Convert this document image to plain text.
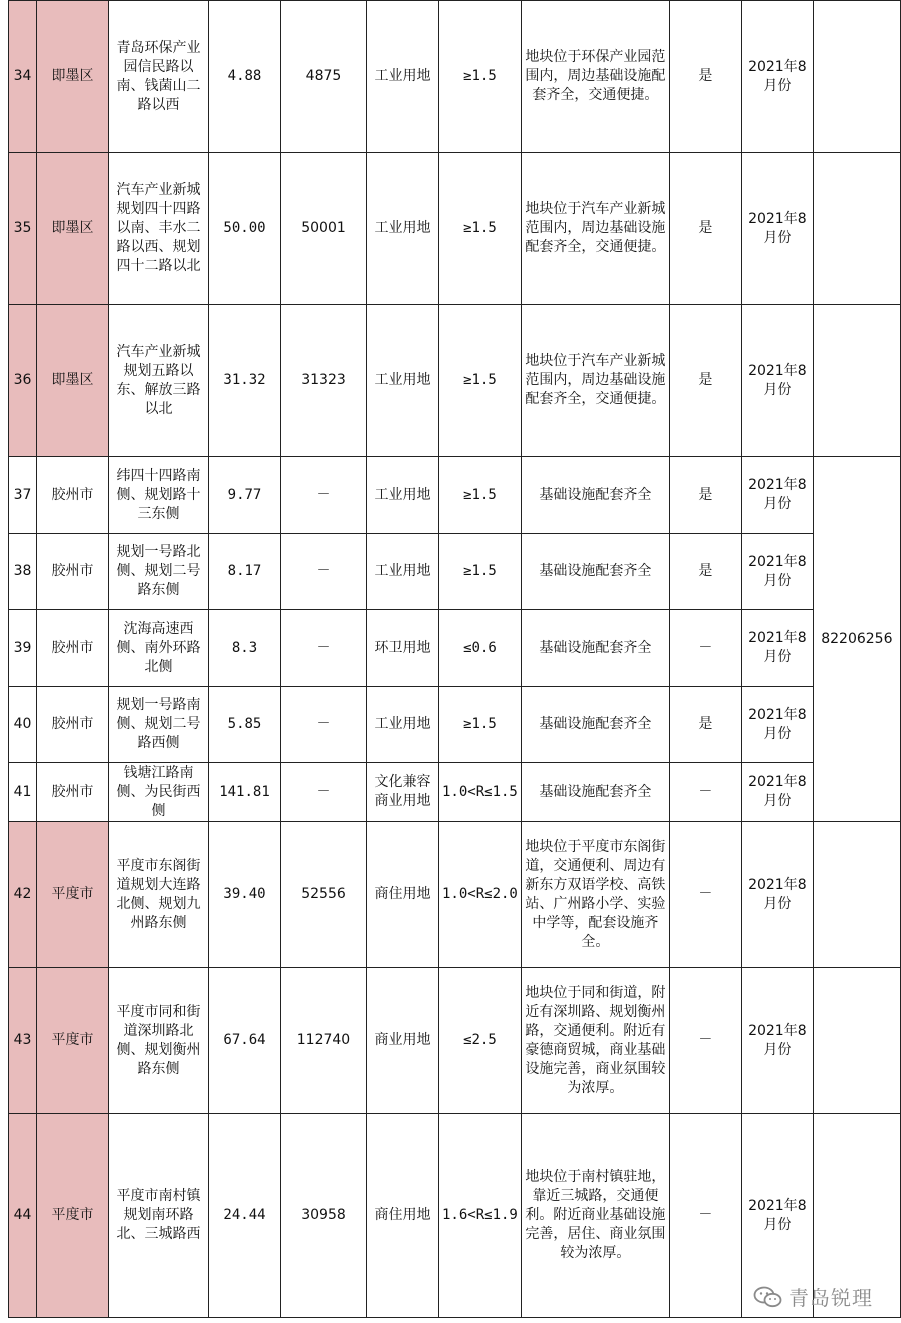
34	即墨区	青岛环保产业园信民路以南、钱菌山二路以西	4.88	4875	工业用地	≥1.5	地块位于环保产业园范围内，周边基础设施配套齐全，交通便捷。	是	2021年8月份	
35	即墨区	汽车产业新城规划四十四路以南、丰水二路以西、规划四十二路以北	50.00	50001	工业用地	≥1.5	地块位于汽车产业新城范围内，周边基础设施配套齐全，交通便捷。	是	2021年8月份	
36	即墨区	汽车产业新城规划五路以东、解放三路以北	31.32	31323	工业用地	≥1.5	地块位于汽车产业新城范围内，周边基础设施配套齐全，交通便捷。	是	2021年8月份	
37	胶州市	纬四十四路南侧、规划路十三东侧	9.77	－	工业用地	≥1.5	基础设施配套齐全	是	2021年8月份	82206256
38	胶州市	规划一号路北侧、规划二号路东侧	8.17	－	工业用地	≥1.5	基础设施配套齐全	是	2021年8月份	
39	胶州市	沈海高速西侧、南外环路北侧	8.3	－	环卫用地	≤0.6	基础设施配套齐全	－	2021年8月份	
40	胶州市	规划一号路南侧、规划二号路西侧	5.85	－	工业用地	≥1.5	基础设施配套齐全	是	2021年8月份	
41	胶州市	钱塘江路南侧、为民街西侧	141.81	－	文化兼容商业用地	1.0<R≤1.5	基础设施配套齐全	－	2021年8月份	
42	平度市	平度市东阁街道规划大连路北侧、规划九州路东侧	39.40	52556	商住用地	1.0<R≤2.0	地块位于平度市东阁街道，交通便利、周边有新东方双语学校、高铁站、广州路小学、实验中学等，配套设施齐全。	－	2021年8月份	
43	平度市	平度市同和街道深圳路北侧、规划衡州路东侧	67.64	112740	商业用地	≤2.5	地块位于同和街道，附近有深圳路、规划衡州路，交通便利。附近有豪德商贸城，商业基础设施完善，商业氛围较为浓厚。	－	2021年8月份	
44	平度市	平度市南村镇规划南环路北、三城路西	24.44	30958	商住用地	1.6<R≤1.9	地块位于南村镇驻地，靠近三城路，交通便利。附近商业基础设施完善，居住、商业氛围较为浓厚。	－	2021年8月份	
青岛锐理
